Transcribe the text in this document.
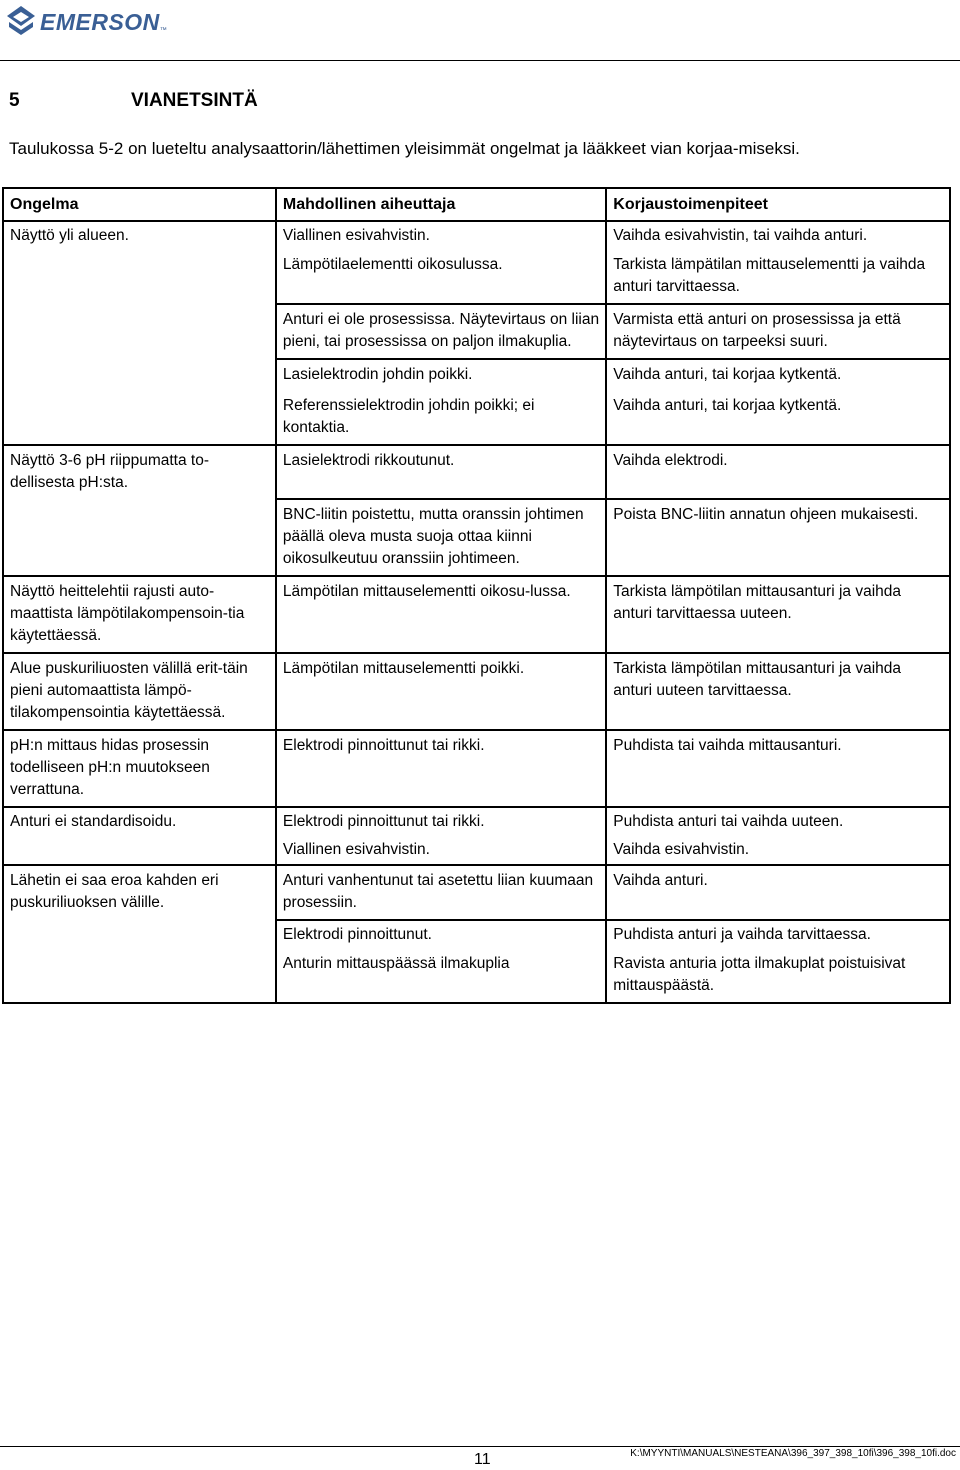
EMERSON ™
5	VIANETSINTÄ
Taulukossa 5-2 on lueteltu analysaattorin/lähettimen yleisimmät ongelmat ja lääkkeet vian korjaa-miseksi.
Ongelma	Mahdollinen aiheuttaja	Korjaustoimenpiteet
Näyttö yli alueen.	Viallinen esivahvistin.	Vaihda esivahvistin, tai vaihda anturi.
	Lämpötilaelementti oikosulussa.	Tarkista lämpätilan mittauselementti ja vaihda anturi tarvittaessa.
	Anturi ei ole prosessissa. Näytevirtaus on liian pieni, tai prosessissa on paljon ilmakuplia.	Varmista että anturi on prosessissa ja että näytevirtaus on tarpeeksi suuri.
	Lasielektrodin johdin poikki.	Vaihda anturi, tai korjaa kytkentä.
	Referenssielektrodin johdin poikki; ei kontaktia.	Vaihda anturi, tai korjaa kytkentä.
Näyttö 3-6 pH riippumatta to-dellisesta pH:sta.	Lasielektrodi rikkoutunut.	Vaihda elektrodi.
	BNC-liitin poistettu, mutta oranssin johtimen päällä oleva musta suoja ottaa kiinni oikosulkeutuu oranssiin johtimeen.	Poista BNC-liitin annatun ohjeen mukaisesti.
Näyttö heittelehtii rajusti auto-maattista lämpötilakompensoin-tia käytettäessä.	Lämpötilan mittauselementti oikosu-lussa.	Tarkista lämpötilan mittausanturi ja vaihda anturi tarvittaessa uuteen.
Alue puskuriliuosten välillä erit-täin pieni automaattista lämpö-tilakompensointia käytettäessä.	Lämpötilan mittauselementti poikki.	Tarkista lämpötilan mittausanturi ja vaihda anturi uuteen tarvittaessa.
pH:n mittaus hidas prosessin todelliseen pH:n muutokseen verrattuna.	Elektrodi pinnoittunut tai rikki.	Puhdista tai vaihda mittausanturi.
Anturi ei standardisoidu.	Elektrodi pinnoittunut tai rikki.	Puhdista anturi tai vaihda uuteen.
	Viallinen esivahvistin.	Vaihda esivahvistin.
Lähetin ei saa eroa kahden eri puskuriliuoksen välille.	Anturi vanhentunut tai asetettu liian kuumaan prosessiin.	Vaihda anturi.
	Elektrodi pinnoittunut.	Puhdista anturi ja vaihda tarvittaessa.
	Anturin mittauspäässä ilmakuplia	Ravista anturia jotta ilmakuplat poistuisivat mittauspäästä.
11	K:\MYYNTI\MANUALS\NESTEANA\396_397_398_10fi\396_398_10fi.doc
